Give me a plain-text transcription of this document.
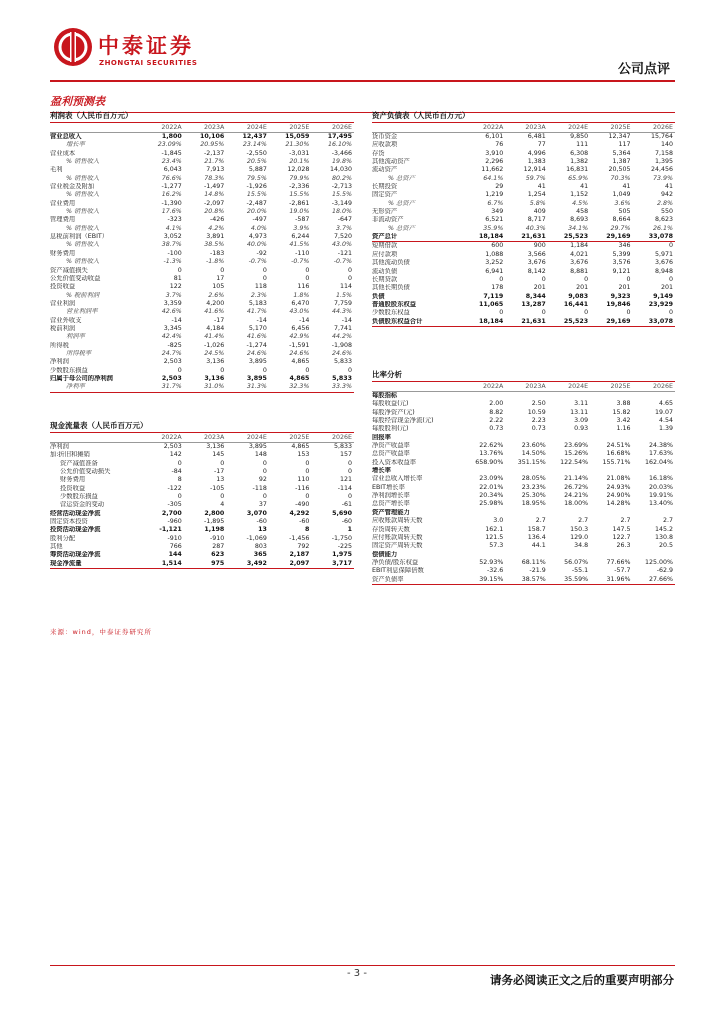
中泰证券
ZHONGTAI SECURITIES	公司点评
盈利预测表
利润表（人民币百万元）					
	2022A	2023A	2024E	2025E	2026E
营业总收入	1,800	10,106	12,437	15,059	17,495
增长率	23.09%	20.95%	23.14%	21.30%	16.10%
营业成本	-1,845	-2,137	-2,550	-3,031	-3,466
% 销售收入	23.4%	21.7%	20.5%	20.1%	19.8%
毛利	6,043	7,913	5,887	12,028	14,030
% 销售收入	76.6%	78.3%	79.5%	79.9%	80.2%
营业税金及附加	-1,277	-1,497	-1,926	-2,336	-2,713
% 销售收入	16.2%	14.8%	15.5%	15.5%	15.5%
营业费用	-1,390	-2,097	-2,487	-2,861	-3,149
% 销售收入	17.6%	20.8%	20.0%	19.0%	18.0%
管理费用	-323	-426	-497	-587	-647
% 销售收入	4.1%	4.2%	4.0%	3.9%	3.7%
息税前利润（EBIT）	3,052	3,891	4,973	6,244	7,520
% 销售收入	38.7%	38.5%	40.0%	41.5%	43.0%
财务费用	-100	-183	-92	-110	-121
% 销售收入	-1.3%	-1.8%	-0.7%	-0.7%	-0.7%
资产减值损失	0	0	0	0	0
公允价值变动收益	81	17	0	0	0
投资收益	122	105	118	116	114
% 税前利润	3.7%	2.6%	2.3%	1.8%	1.5%
营业利润	3,359	4,200	5,183	6,470	7,759
营业利润率	42.6%	41.6%	41.7%	43.0%	44.3%
营业外收支	-14	-17	-14	-14	-14
税前利润	3,345	4,184	5,170	6,456	7,741
利润率	42.4%	41.4%	41.6%	42.9%	44.2%
所得税	-825	-1,026	-1,274	-1,591	-1,908
所得税率	24.7%	24.5%	24.6%	24.6%	24.6%
净利润	2,503	3,136	3,895	4,865	5,833
少数股东损益	0	0	0	0	0
归属于母公司的净利润	2,503	3,136	3,895	4,865	5,833
净利率	31.7%	31.0%	31.3%	32.3%	33.3%
现金流量表（人民币百万元）					
	2022A	2023A	2024E	2025E	2026E
净利润	2,503	3,136	3,895	4,865	5,833
加:折旧和摊销	142	145	148	153	157
资产减值准备	0	0	0	0	0
公允价值变动损失	-84	-17	0	0	0
财务费用	8	13	92	110	121
投资收益	-122	-105	-118	-116	-114
少数股东损益	0	0	0	0	0
营运资金的变动	-305	4	37	-490	-61
经营活动现金净流	2,700	2,800	3,070	4,292	5,690
固定资本投资	-960	-1,895	-60	-60	-60
投资活动现金净流	-1,121	1,198	13	8	1
股利分配	-910	-910	-1,069	-1,456	-1,750
其他	766	287	803	792	-225
筹资活动现金净流	144	623	365	2,187	1,975
现金净流量	1,514	975	3,492	2,097	3,717
资产负债表（人民币百万元）					
	2022A	2023A	2024E	2025E	2026E
货币资金	6,101	6,481	9,850	12,347	15,764
应收款项	76	77	111	117	140
存货	3,910	4,996	6,308	5,364	7,158
其他流动资产	2,296	1,383	1,382	1,387	1,395
流动资产	11,662	12,914	16,831	20,505	24,456
% 总资产	64.1%	59.7%	65.9%	70.3%	73.9%
长期投资	29	41	41	41	41
固定资产	1,219	1,254	1,152	1,049	942
% 总资产	6.7%	5.8%	4.5%	3.6%	2.8%
无形资产	349	409	458	505	550
非流动资产	6,521	8,717	8,693	8,664	8,623
% 总资产	35.9%	40.3%	34.1%	29.7%	26.1%
资产总计	18,184	21,631	25,523	29,169	33,078
短期借款	600	900	1,184	346	0
应付款项	1,088	3,566	4,021	5,399	5,971
其他流动负债	3,252	3,676	3,676	3,576	3,676
流动负债	6,941	8,142	8,881	9,121	8,948
长期贷款	0	0	0	0	0
其他长期负债	178	201	201	201	201
负债	7,119	8,344	9,083	9,323	9,149
普通股股东权益	11,065	13,287	16,441	19,846	23,929
少数股东权益	0	0	0	0	0
负债股东权益合计	18,184	21,631	25,523	29,169	33,078
比率分析					
	2022A	2023A	2024E	2025E	2026E
每股指标					
每股收益(元)	2.00	2.50	3.11	3.88	4.65
每股净资产(元)	8.82	10.59	13.11	15.82	19.07
每股经营现金净流(元)	2.22	2.23	3.09	3.42	4.54
每股股利(元)	0.73	0.73	0.93	1.16	1.39
回报率					
净资产收益率	22.62%	23.60%	23.69%	24.51%	24.38%
总资产收益率	13.76%	14.50%	15.26%	16.68%	17.63%
投入资本收益率	658.90%	351.15%	122.54%	155.71%	162.04%
增长率					
营业总收入增长率	23.09%	28.05%	21.14%	21.08%	16.18%
EBIT增长率	22.01%	23.23%	26.72%	24.93%	20.03%
净利润增长率	20.34%	25.30%	24.21%	24.90%	19.91%
总资产增长率	25.98%	18.95%	18.00%	14.28%	13.40%
资产管理能力					
应收账款周转天数	3.0	2.7	2.7	2.7	2.7
存货周转天数	162.1	158.7	150.3	147.5	145.2
应付账款周转天数	121.5	136.4	129.0	122.7	130.8
固定资产周转天数	57.3	44.1	34.8	26.3	20.5
偿债能力					
净负债/股东权益	52.93%	68.11%	56.07%	77.66%	125.00%
EBIT利息保障倍数	-32.6	-21.9	-55.1	-57.7	-62.9
资产负债率	39.15%	38.57%	35.59%	31.96%	27.66%
来源：wind，中泰证券研究所
- 3 -	请务必阅读正文之后的重要声明部分
